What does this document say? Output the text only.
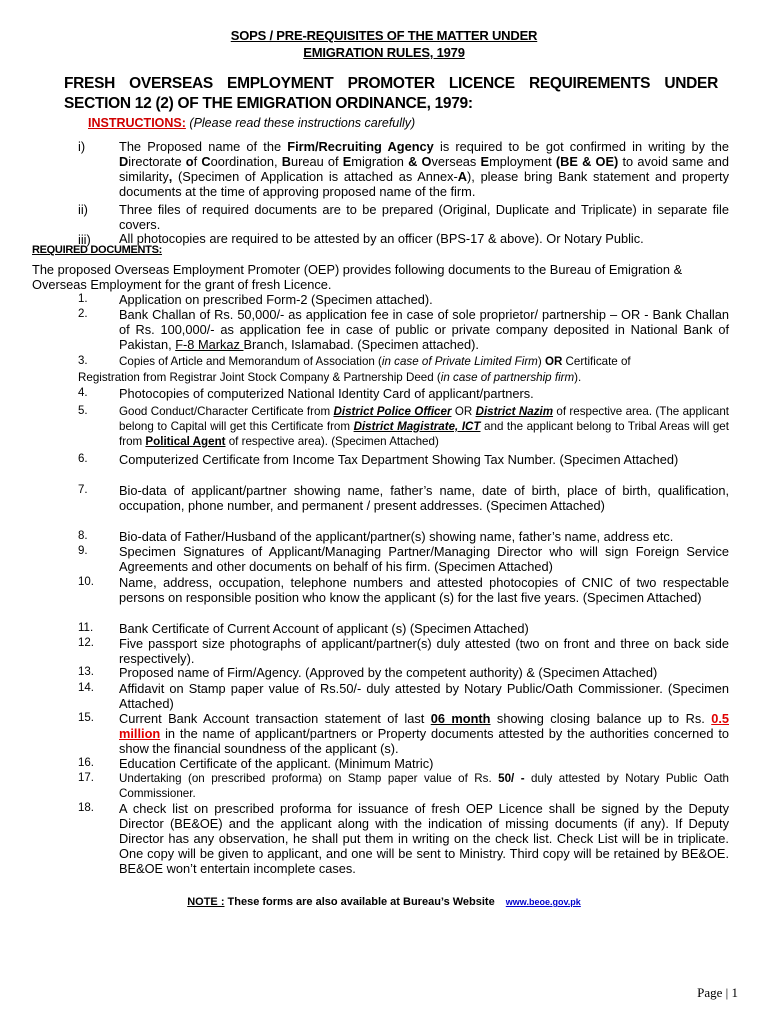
SOPS / PRE-REQUISITES OF THE MATTER UNDER
EMIGRATION RULES, 1979
FRESH OVERSEAS EMPLOYMENT PROMOTER LICENCE REQUIREMENTS UNDER
SECTION 12 (2) OF THE EMIGRATION ORDINANCE, 1979:
INSTRUCTIONS: (Please read these instructions carefully)
i)	The Proposed name of the Firm/Recruiting Agency is required to be got confirmed in writing by the Directorate of Coordination, Bureau of Emigration & Overseas Employment (BE & OE) to avoid same and similarity, (Specimen of Application is attached as Annex-A), please bring Bank statement and property documents at the time of approving proposed name of the firm.
ii) Three files of required documents are to be prepared (Original, Duplicate and Triplicate) in separate file covers.
iii) All photocopies are required to be attested by an officer (BPS-17 & above). Or Notary Public.
REQUIRED DOCUMENTS:
The proposed Overseas Employment Promoter (OEP) provides following documents to the Bureau of Emigration & Overseas Employment for the grant of fresh Licence.
1.	Application on prescribed Form-2 (Specimen attached).
2.	Bank Challan of Rs. 50,000/- as application fee in case of sole proprietor/ partnership – OR - Bank Challan of Rs. 100,000/- as application fee in case of public or private company deposited in National Bank of Pakistan, F-8 Markaz Branch, Islamabad. (Specimen attached).
3.	Copies of Article and Memorandum of Association (in case of Private Limited Firm) OR Certificate of
Registration from Registrar Joint Stock Company & Partnership Deed (in case of partnership firm).
4.	Photocopies of computerized National Identity Card of applicant/partners.
5.	Good Conduct/Character Certificate from District Police Officer OR District Nazim of respective area. (The applicant belong to Capital will get this Certificate from District Magistrate, ICT and the applicant belong to Tribal Areas will get from Political Agent of respective area). (Specimen Attached)
6.	Computerized Certificate from Income Tax Department Showing Tax Number. (Specimen Attached)
7.	Bio-data of applicant/partner showing name, father’s name, date of birth, place of birth, qualification, occupation, phone number, and permanent / present addresses. (Specimen Attached)
8.	Bio-data of Father/Husband of the applicant/partner(s) showing name, father’s name, address etc.
9.	Specimen Signatures of Applicant/Managing Partner/Managing Director who will sign Foreign Service Agreements and other documents on behalf of his firm. (Specimen Attached)
10.	Name, address, occupation, telephone numbers and attested photocopies of CNIC of two respectable persons on responsible position who know the applicant (s) for the last five years. (Specimen Attached)
11.	Bank Certificate of Current Account of applicant (s) (Specimen Attached)
12.	Five passport size photographs of applicant/partner(s) duly attested (two on front and three on back side respectively).
13.	Proposed name of Firm/Agency. (Approved by the competent authority) & (Specimen Attached)
14.	Affidavit on Stamp paper value of Rs.50/- duly attested by Notary Public/Oath Commissioner. (Specimen Attached)
15.	Current Bank Account transaction statement of last 06 month showing closing balance up to Rs. 0.5 million in the name of applicant/partners or Property documents attested by the authorities concerned to show the financial soundness of the applicant (s).
16.	Education Certificate of the applicant. (Minimum Matric)
17.	Undertaking (on prescribed proforma) on Stamp paper value of Rs. 50/ - duly attested by Notary Public Oath Commissioner.
18.	A check list on prescribed proforma for issuance of fresh OEP Licence shall be signed by the Deputy Director (BE&OE) and the applicant along with the indication of missing documents (if any). If Deputy Director has any observation, he shall put them in writing on the check list. Check List will be in triplicate. One copy will be given to applicant, and one will be sent to Ministry. Third copy will be retained by BE&OE. BE&OE won’t entertain incomplete cases.
NOTE : These forms are also available at Bureau’s Website www.beoe.gov.pk
Page | 1
